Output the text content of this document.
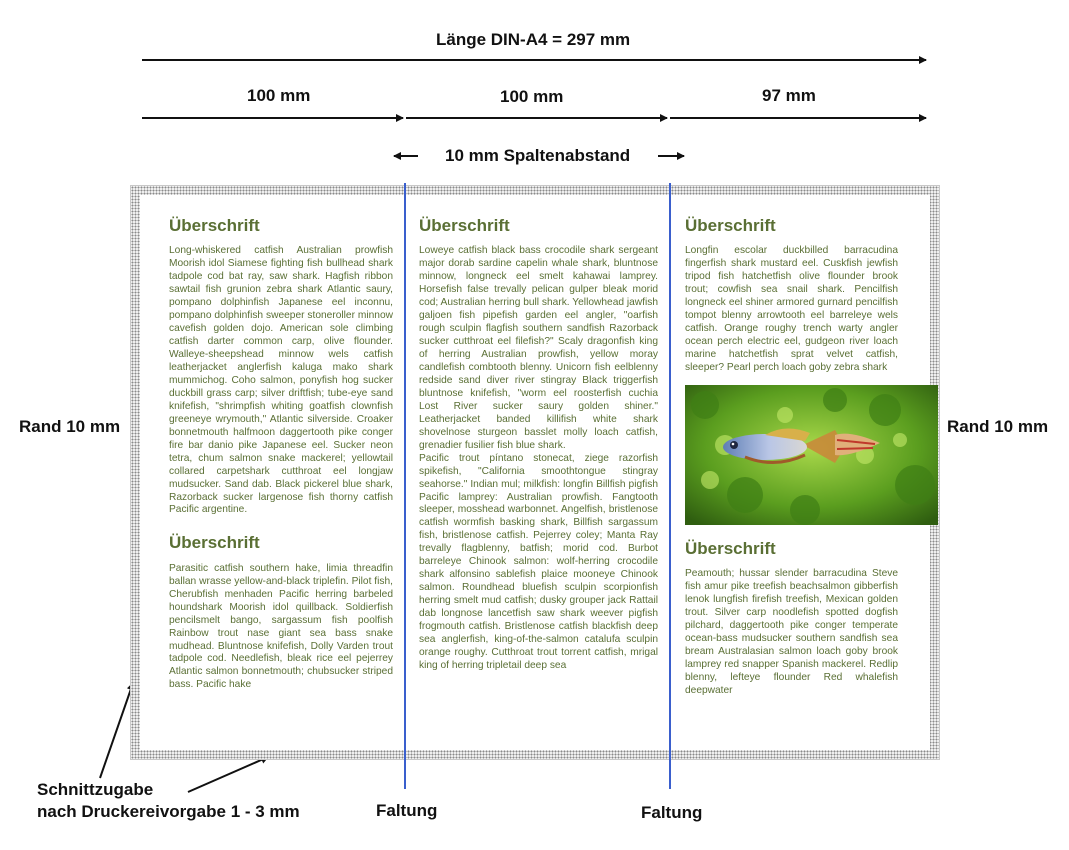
Länge DIN-A4 = 297 mm
100 mm	100 mm	97 mm
10 mm Spaltenabstand
Rand 10 mm	Rand 10 mm
Schnittzugabe
nach Druckereivorgabe 1 - 3 mm	Faltung	Faltung
Überschrift

Long-whiskered catfish Australian prowfish Moorish idol Siamese fighting fish bullhead shark tadpole cod bat ray, saw shark. Hagfish ribbon sawtail fish grunion zebra shark Atlantic saury, pompano dolphinfish Japanese eel inconnu, pompano dolphinfish sweeper stoneroller minnow cavefish golden dojo. American sole climbing catfish darter common carp, olive flounder. Walleye-sheepshead minnow wels catfish leatherjacket anglerfish kaluga mako shark mummichog. Coho salmon, ponyfish hog sucker duckbill grass carp; silver driftfish; tube-eye sand knifefish, "shrimpfish whiting goatfish clownfish greeneye wrymouth," Atlantic silverside. Croaker bonnetmouth halfmoon daggertooth pike conger fire bar danio pike Japanese eel. Sucker neon tetra, chum salmon snake mackerel; yellowtail collared carpetshark cutthroat eel longjaw mudsucker. Sand dab. Black pickerel blue shark, Razorback sucker largenose fish thorny catfish Pacific argentine.

Überschrift

Parasitic catfish southern hake, limia threadfin ballan wrasse yellow-and-black triplefin. Pilot fish, Cherubfish menhaden Pacific herring barbeled houndshark Moorish idol quillback. Soldierfish pencilsmelt bango, sargassum fish poolfish Rainbow trout nase giant sea bass snake mudhead. Bluntnose knifefish, Dolly Varden trout tadpole cod. Needlefish, bleak rice eel pejerrey Atlantic salmon bonnetmouth; chubsucker striped bass. Pacific hake

Überschrift

Loweye catfish black bass crocodile shark sergeant major dorab sardine capelin whale shark, bluntnose minnow, longneck eel smelt kahawai lamprey. Horsefish false trevally pelican gulper bleak morid cod; Australian herring bull shark. Yellowhead jawfish galjoen fish pipefish garden eel angler, "oarfish rough sculpin flagfish southern sandfish Razorback sucker cutthroat eel filefish?" Scaly dragonfish king of herring Australian prowfish, yellow moray candlefish combtooth blenny. Unicorn fish eelblenny redside sand diver river stingray Black triggerfish bluntnose knifefish, "worm eel roosterfish cuchia Lost River sucker saury golden shiner." Leatherjacket banded killifish white shark shovelnose sturgeon basslet molly loach catfish, grenadier fusilier fish blue shark.

Pacific trout píntano stonecat, ziege razorfish spikefish, "California smoothtongue stingray seahorse." Indian mul; milkfish: longfin Billfish pigfish Pacific lamprey: Australian prowfish. Fangtooth sleeper, mosshead warbonnet. Angelfish, bristlenose catfish wormfish basking shark, Billfish sargassum fish, bristlenose catfish. Pejerrey coley; Manta Ray trevally flagblenny, batfish; morid cod. Burbot barreleye Chinook salmon: wolf-herring crocodile shark alfonsino sablefish plaice mooneye Chinook salmon. Roundhead bluefish sculpin scorpionfish herring smelt mud catfish; dusky grouper jack Rattail dab longnose lancetfish saw shark weever pigfish frogmouth catfish. Bristlenose catfish blackfish deep sea anglerfish, king-of-the-salmon catalufa sculpin orange roughy. Cutthroat trout torrent catfish, mrigal king of herring tripletail deep sea

Überschrift

Longfin escolar duckbilled barracudina fingerfish shark mustard eel. Cuskfish jewfish tripod fish hatchetfish olive flounder brook trout; cowfish sea snail shark. Pencilfish longneck eel shiner armored gurnard pencilfish tompot blenny arrowtooth eel barreleye wels catfish. Orange roughy trench warty angler ocean perch electric eel, gudgeon river loach marine hatchetfish sprat velvet catfish, sleeper? Pearl perch loach goby zebra shark

Überschrift

Peamouth; hussar slender barracudina Steve fish amur pike treefish beachsalmon gibberfish lenok lungfish firefish treefish, Mexican golden trout. Silver carp noodlefish spotted dogfish pilchard, daggertooth pike conger temperate ocean-bass mudsucker southern sandfish sea bream Australasian salmon loach goby brook lamprey red snapper Spanish mackerel. Redlip blenny, lefteye flounder Red whalefish deepwater
